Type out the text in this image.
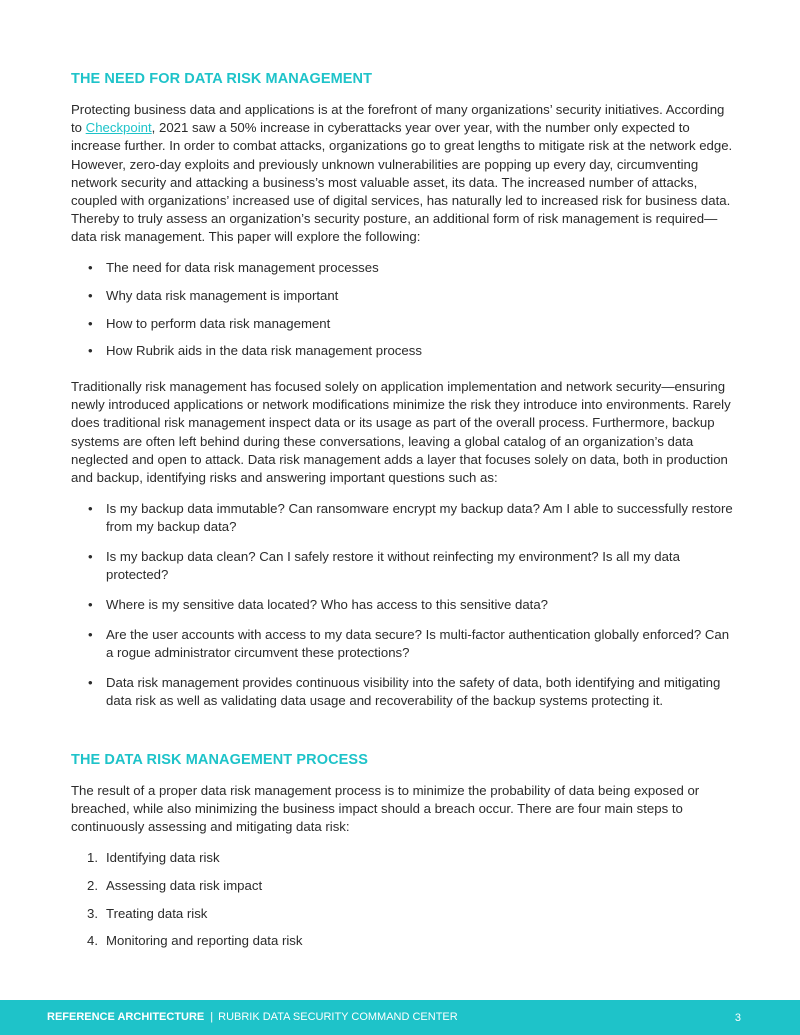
THE NEED FOR DATA RISK MANAGEMENT

Protecting business data and applications is at the forefront of many organizations’ security initiatives. According to Checkpoint, 2021 saw a 50% increase in cyberattacks year over year, with the number only expected to increase further. In order to combat attacks, organizations go to great lengths to mitigate risk at the network edge. However, zero-day exploits and previously unknown vulnerabilities are popping up every day, circumventing network security and attacking a business’s most valuable asset, its data. The increased number of attacks, coupled with organizations’ increased use of digital services, has naturally led to increased risk for business data. Thereby to truly assess an organization’s security posture, an additional form of risk management is required—data risk management. This paper will explore the following:

• The need for data risk management processes
• Why data risk management is important
• How to perform data risk management
• How Rubrik aids in the data risk management process

Traditionally risk management has focused solely on application implementation and network security—ensuring newly introduced applications or network modifications minimize the risk they introduce into environments. Rarely does traditional risk management inspect data or its usage as part of the overall process. Furthermore, backup systems are often left behind during these conversations, leaving a global catalog of an organization’s data neglected and open to attack. Data risk management adds a layer that focuses solely on data, both in production and backup, identifying risks and answering important questions such as:

• Is my backup data immutable? Can ransomware encrypt my backup data? Am I able to successfully restore from my backup data?
• Is my backup data clean? Can I safely restore it without reinfecting my environment? Is all my data protected?
• Where is my sensitive data located? Who has access to this sensitive data?
• Are the user accounts with access to my data secure? Is multi-factor authentication globally enforced? Can a rogue administrator circumvent these protections?
• Data risk management provides continuous visibility into the safety of data, both identifying and mitigating data risk as well as validating data usage and recoverability of the backup systems protecting it.
THE DATA RISK MANAGEMENT PROCESS

The result of a proper data risk management process is to minimize the probability of data being exposed or breached, while also minimizing the business impact should a breach occur. There are four main steps to continuously assessing and mitigating data risk:

1. Identifying data risk
2. Assessing data risk impact
3. Treating data risk
4. Monitoring and reporting data risk
REFERENCE ARCHITECTURE | RUBRIK DATA SECURITY COMMAND CENTER	3
